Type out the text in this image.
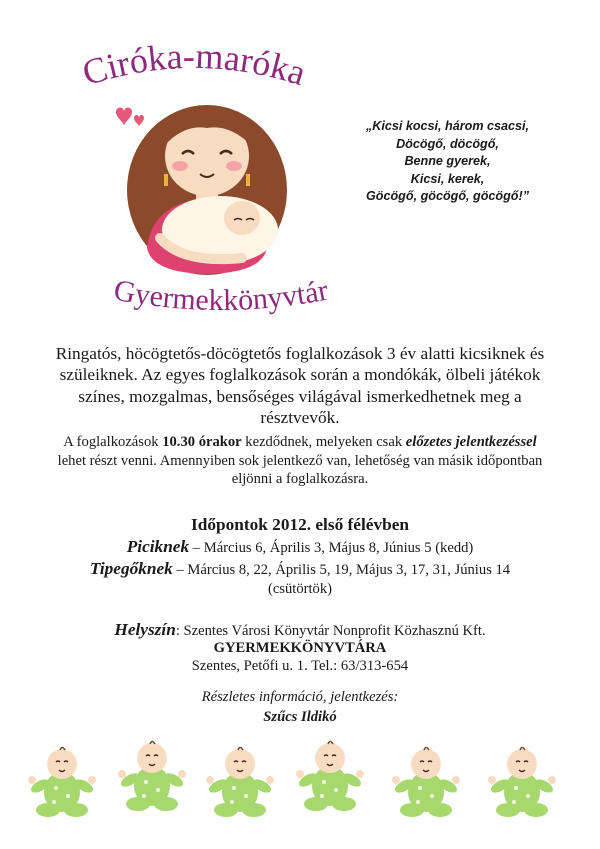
Ciróka-maróka
Gyermekkönyvtár
„Kicsi kocsi, három csacsi,
Döcögő, döcögő,
Benne gyerek,
Kicsi, kerek,
Göcögő, göcögő, göcögő!”
Ringatós, höcögtetős-döcögtetős foglalkozások 3 év alatti kicsiknek és szüleiknek. Az egyes foglalkozások során a mondókák, ölbeli játékok színes, mozgalmas, bensőséges világával ismerkedhetnek meg a résztvevők.
A foglalkozások 10.30 órakor kezdődnek, melyeken csak előzetes jelentkezéssel lehet részt venni. Amennyiben sok jelentkező van, lehetőség van másik időpontban eljönni a foglalkozásra.
Időpontok 2012. első félévben
Piciknek – Március 6, Április 3, Május 8, Június 5 (kedd)
Tipegőknek – Március 8, 22, Április 5, 19, Május 3, 17, 31, Június 14 (csütörtök)
Helyszín: Szentes Városi Könyvtár Nonprofit Közhasznú Kft.
GYERMEKKÖNYVTÁRA
Szentes, Petőfi u. 1. Tel.: 63/313-654
Részletes információ, jelentkezés:
Szűcs Ildikó
